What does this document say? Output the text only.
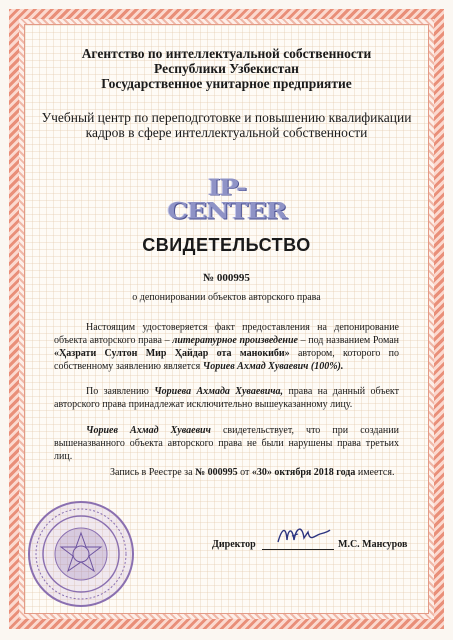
Агентство по интеллектуальной собственности
Республики Узбекистан
Государственное унитарное предприятие
Учебный центр по переподготовке и повышению квалификации
кадров в сфере интеллектуальной собственности
IP-CENTER
СВИДЕТЕЛЬСТВО
№ 000995
о депонировании объектов авторского права
Настоящим удостоверяется факт предоставления на депонирование объекта авторского права – литературное произведение – под названием Роман «Ҳазрати Султон Мир Ҳайдар ота манокиби» автором, которого по собственному заявлению является Чориев Ахмад Хуваевич (100%).
По заявлению Чориева Ахмада Хуваевича, права на данный объект авторского права принадлежат исключительно вышеуказанному лицу.
Чориев Ахмад Хуваевич свидетельствует, что при создании вышеназванного объекта авторского права не были нарушены права третьих лиц.
Запись в Реестре за № 000995 от «30» октября 2018 года имеется.
Директор	М.С. Мансуров
